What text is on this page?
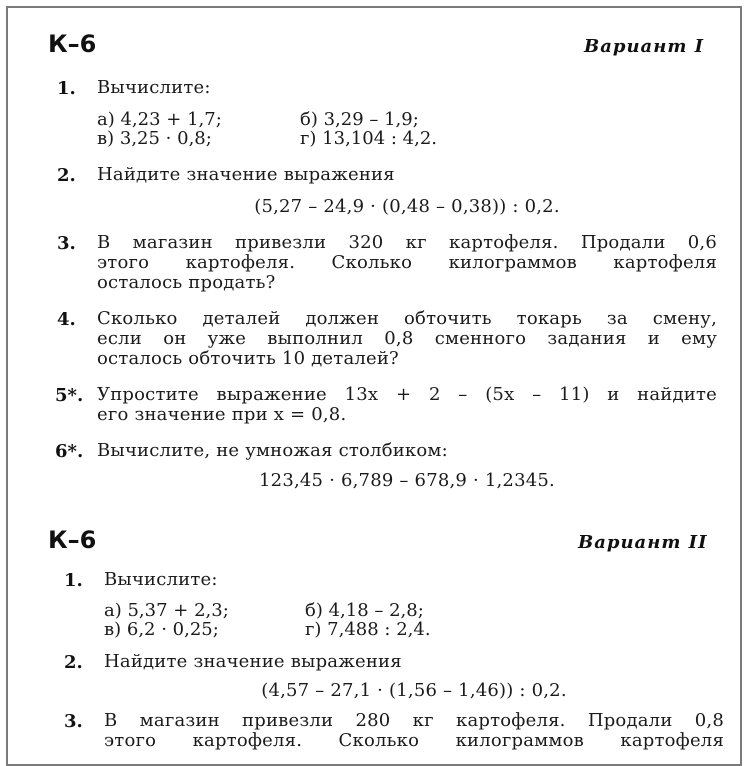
К–6	Вариант I
1. Вычислите:
а) 4,23 + 1,7;	б) 3,29 – 1,9;
в) 3,25 · 0,8;	г) 13,104 : 4,2.
2. Найдите значение выражения
(5,27 – 24,9 · (0,48 – 0,38)) : 0,2.
3. В магазин привезли 320 кг картофеля. Продали 0,6
этого картофеля. Сколько килограммов картофеля
осталось продать?
4. Сколько деталей должен обточить токарь за смену,
если он уже выполнил 0,8 сменного задания и ему
осталось обточить 10 деталей?
5*. Упростите выражение 13x + 2 – (5x – 11) и найдите
его значение при x = 0,8.
6*. Вычислите, не умножая столбиком:
123,45 · 6,789 – 678,9 · 1,2345.
К–6	Вариант II
1. Вычислите:
а) 5,37 + 2,3;	б) 4,18 – 2,8;
в) 6,2 · 0,25;	г) 7,488 : 2,4.
2. Найдите значение выражения
(4,57 – 27,1 · (1,56 – 1,46)) : 0,2.
3. В магазин привезли 280 кг картофеля. Продали 0,8
этого картофеля. Сколько килограммов картофеля
